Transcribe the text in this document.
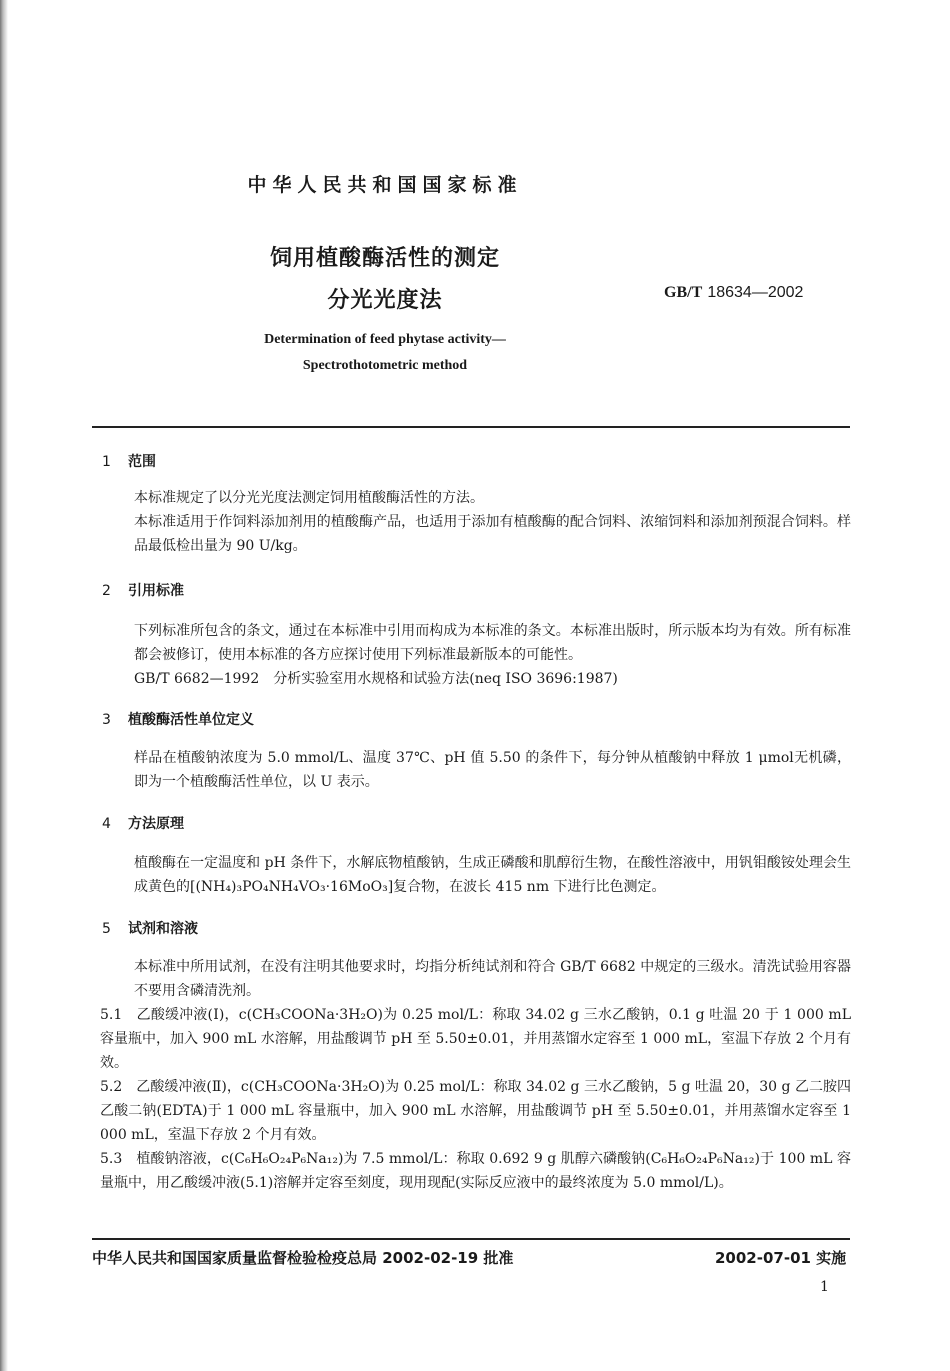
中华人民共和国国家标准
饲用植酸酶活性的测定
分光光度法	GB/T 18634—2002
Determination of feed phytase activity—
Spectrothotometric method
1 范围
本标准规定了以分光光度法测定饲用植酸酶活性的方法。
本标准适用于作饲料添加剂用的植酸酶产品，也适用于添加有植酸酶的配合饲料、浓缩饲料和添加剂预混合饲料。样品最低检出量为 90 U/kg。
2 引用标准
下列标准所包含的条文，通过在本标准中引用而构成为本标准的条文。本标准出版时，所示版本均为有效。所有标准都会被修订，使用本标准的各方应探讨使用下列标准最新版本的可能性。
GB/T 6682—1992　分析实验室用水规格和试验方法(neq ISO 3696:1987)
3 植酸酶活性单位定义
样品在植酸钠浓度为 5.0 mmol/L、温度 37℃、pH 值 5.50 的条件下，每分钟从植酸钠中释放 1 μmol无机磷，即为一个植酸酶活性单位，以 U 表示。
4 方法原理
植酸酶在一定温度和 pH 条件下，水解底物植酸钠，生成正磷酸和肌醇衍生物，在酸性溶液中，用钒钼酸铵处理会生成黄色的[(NH₄)₃PO₄NH₄VO₃·16MoO₃]复合物，在波长 415 nm 下进行比色测定。
5 试剂和溶液
本标准中所用试剂，在没有注明其他要求时，均指分析纯试剂和符合 GB/T 6682 中规定的三级水。清洗试验用容器不要用含磷清洗剂。
5.1　乙酸缓冲液(Ⅰ)，c(CH₃COONa·3H₂O)为 0.25 mol/L：称取 34.02 g 三水乙酸钠，0.1 g 吐温 20 于 1 000 mL 容量瓶中，加入 900 mL 水溶解，用盐酸调节 pH 至 5.50±0.01，并用蒸馏水定容至 1 000 mL，室温下存放 2 个月有效。
5.2　乙酸缓冲液(Ⅱ)，c(CH₃COONa·3H₂O)为 0.25 mol/L：称取 34.02 g 三水乙酸钠，5 g 吐温 20，30 g 乙二胺四乙酸二钠(EDTA)于 1 000 mL 容量瓶中，加入 900 mL 水溶解，用盐酸调节 pH 至 5.50±0.01，并用蒸馏水定容至 1 000 mL，室温下存放 2 个月有效。
5.3　植酸钠溶液，c(C₆H₆O₂₄P₆Na₁₂)为 7.5 mmol/L：称取 0.692 9 g 肌醇六磷酸钠(C₆H₆O₂₄P₆Na₁₂)于 100 mL 容量瓶中，用乙酸缓冲液(5.1)溶解并定容至刻度，现用现配(实际反应液中的最终浓度为 5.0 mmol/L)。
中华人民共和国国家质量监督检验检疫总局 2002-02-19 批准	2002-07-01 实施
1
